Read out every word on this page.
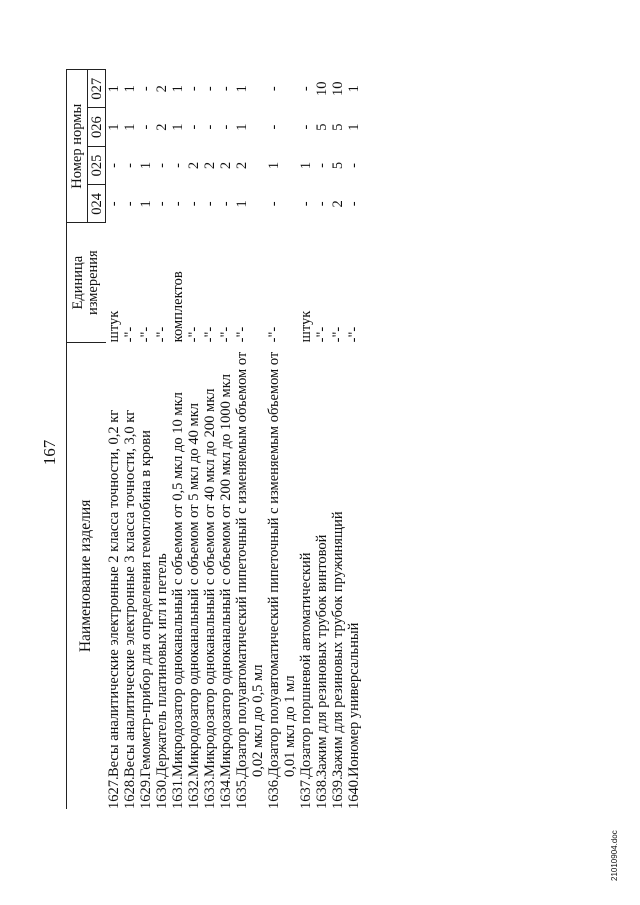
167
Наименование изделия		Единица измерения	Номер нормы			
			024	025	026	027
1627.	Весы аналитические электронные 2 класса точности, 0,2 кг	штук	-	-	1	1
1628.	Весы аналитические электронные 3 класса точности, 3,0 кг	-"-	-	-	1	1
1629.	Гемометр-прибор для определения гемоглобина в крови	-"-	1	1	-	-
1630.	Держатель платиновых игл и петель	-"-	-	-	2	2
1631.	Микродозатор одноканальный с объемом от 0,5 мкл до 10 мкл	комплектов	-	-	1	1
1632.	Микродозатор одноканальный с объемом от 5 мкл до 40 мкл	-"-	-	2	-	-
1633.	Микродозатор одноканальный с объемом от 40 мкл до 200 мкл	-"-	-	2	-	-
1634.	Микродозатор одноканальный с объемом от 200 мкл до 1000 мкл	-"-	-	2	-	-
1635.	Дозатор полуавтоматический пипеточный с изменяемым объемом от 0,02 мкл до 0,5 мл	-"-	1	2	1	1
1636.	Дозатор полуавтоматический пипеточный с изменяемым объемом от 0,01 мкл до 1 мл	-"-	-	1	-	-
1637.	Дозатор поршневой автоматический	штук	-	1	-	-
1638.	Зажим для резиновых трубок винтовой	-"-	-	-	5	10
1639.	Зажим для резиновых трубок пружинящий	-"-	2	5	5	10
1640.	Иономер универсальный	-"-	-	-	1	1
21010904.doc
